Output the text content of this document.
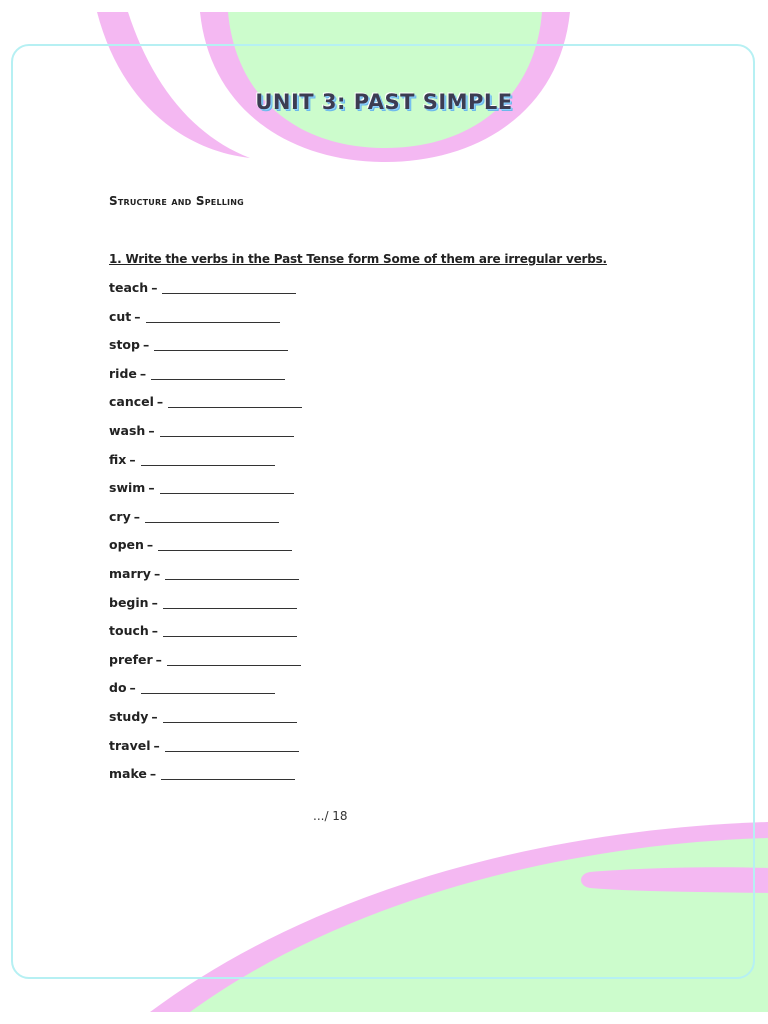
UNIT 3: PAST SIMPLE
Structure and Spelling
1. Write the verbs in the Past Tense form Some of them are irregular verbs.
teach –
cut –
stop –
ride –
cancel –
wash –
fix –
swim –
cry –
open –
marry –
begin –
touch –
prefer –
do –
study –
travel –
make –
.../ 18
